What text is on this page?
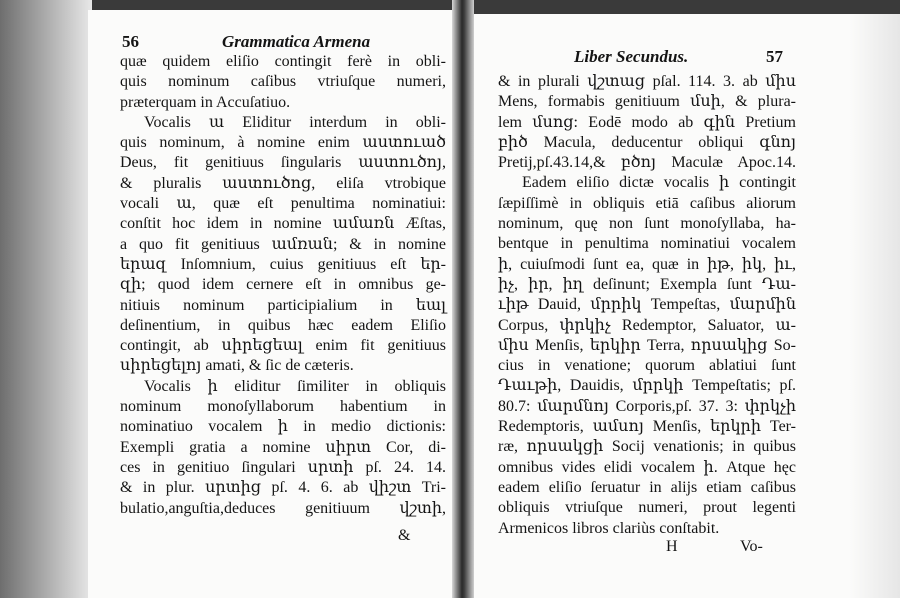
56	Grammatica Armena
quæ quidem eliſio contingit ferè in obli-
quis nominum caſibus vtriuſque numeri,
præterquam in Accuſatiuo.
Vocalis ա Eliditur interdum in obli-
quis nominum, à nomine enim աստուած
Deus, fit genitiuus ſingularis աստուծոյ,
& pluralis աստուծոց, eliſa vtrobique
vocali ա, quæ eſt penultima nominatiui:
conſtit hoc idem in nomine ամառն Æſtas,
a quo fit genitiuus ամռան; & in nomine
երազ Inſomnium, cuius genitiuus eſt եր-
զի; quod idem cernere eſt in omnibus ge-
nitiuis nominum participialium in եալ
deſinentium, in quibus hæc eadem Eliſio
contingit, ab սիրեցեալ enim fit genitiuus
սիրեցելոյ amati, & ſic de cæteris.
Vocalis ի eliditur ſimiliter in obliquis
nominum monoſyllaborum habentium in
nominatiuo vocalem ի in medio dictionis:
Exempli gratia a nomine սիրտ Cor, di-
ces in genitiuo ſingulari սրտի pſ. 24. 14.
& in plur. սրտից pſ. 4. 6. ab վիշտ Tri-
bulatio,anguſtia,deduces genitiuum վշտի,
&
Liber Secundus.	57
& in plurali վշտաց pſal. 114. 3. ab միս
Mens, formabis genitiuum մսի, & plura-
lem մսոց: Eodē modo ab գին Pretium
բիծ Macula, deducentur obliqui գնոյ
Pretij,pſ.43.14,& բծոյ Maculæ Apoc.14.
Eadem eliſio dictæ vocalis ի contingit
ſæpiſſimè in obliquis etiā caſibus aliorum
nominum, quę non ſunt monoſyllaba, ha-
bentque in penultima nominatiui vocalem
ի, cuiuſmodi ſunt ea, quæ in իթ, իկ, իւ,
իչ, իր, իղ deſinunt; Exempla ſunt Դա-
ւիթ Dauid, մրրիկ Tempeſtas, մարմին
Corpus, փրկիչ Redemptor, Saluator, ա-
միս Menſis, երկիր Terra, որսակից So-
cius in venatione; quorum ablatiui ſunt
Դաւթի, Dauidis, մրրկի Tempeſtatis; pſ.
80.7: մարմնոյ Corporis,pſ. 37. 3: փրկչի
Redemptoris, ամսոյ Menſis, երկրի Ter-
ræ, որսակցի Socij venationis; in quibus
omnibus vides elidi vocalem ի. Atque hęc
eadem eliſio ſeruatur in alijs etiam caſibus
obliquis vtriuſque numeri, prout legenti
Armenicos libros clariùs conſtabit.
H	Vo-
